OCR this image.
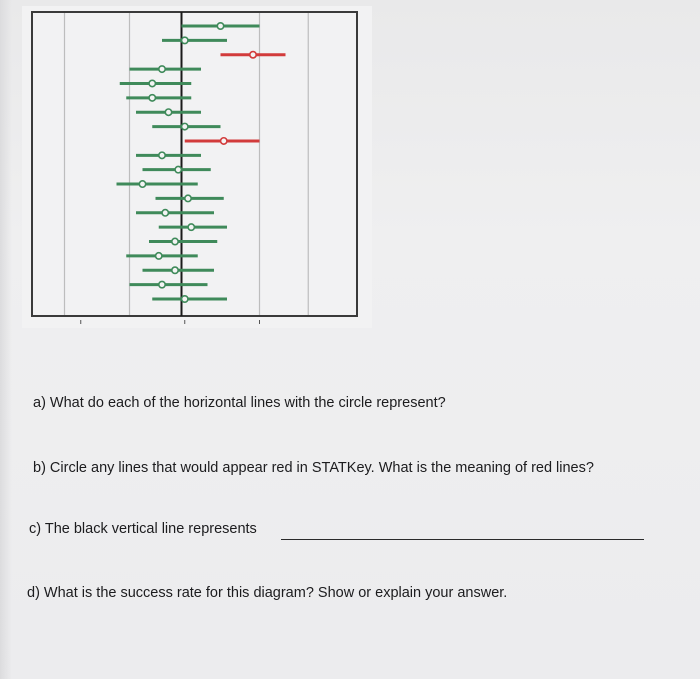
a) What do each of the horizontal lines with the circle represent?
b) Circle any lines that would appear red in STATKey. What is the meaning of red lines?
c) The black vertical line represents
d) What is the success rate for this diagram? Show or explain your answer.
